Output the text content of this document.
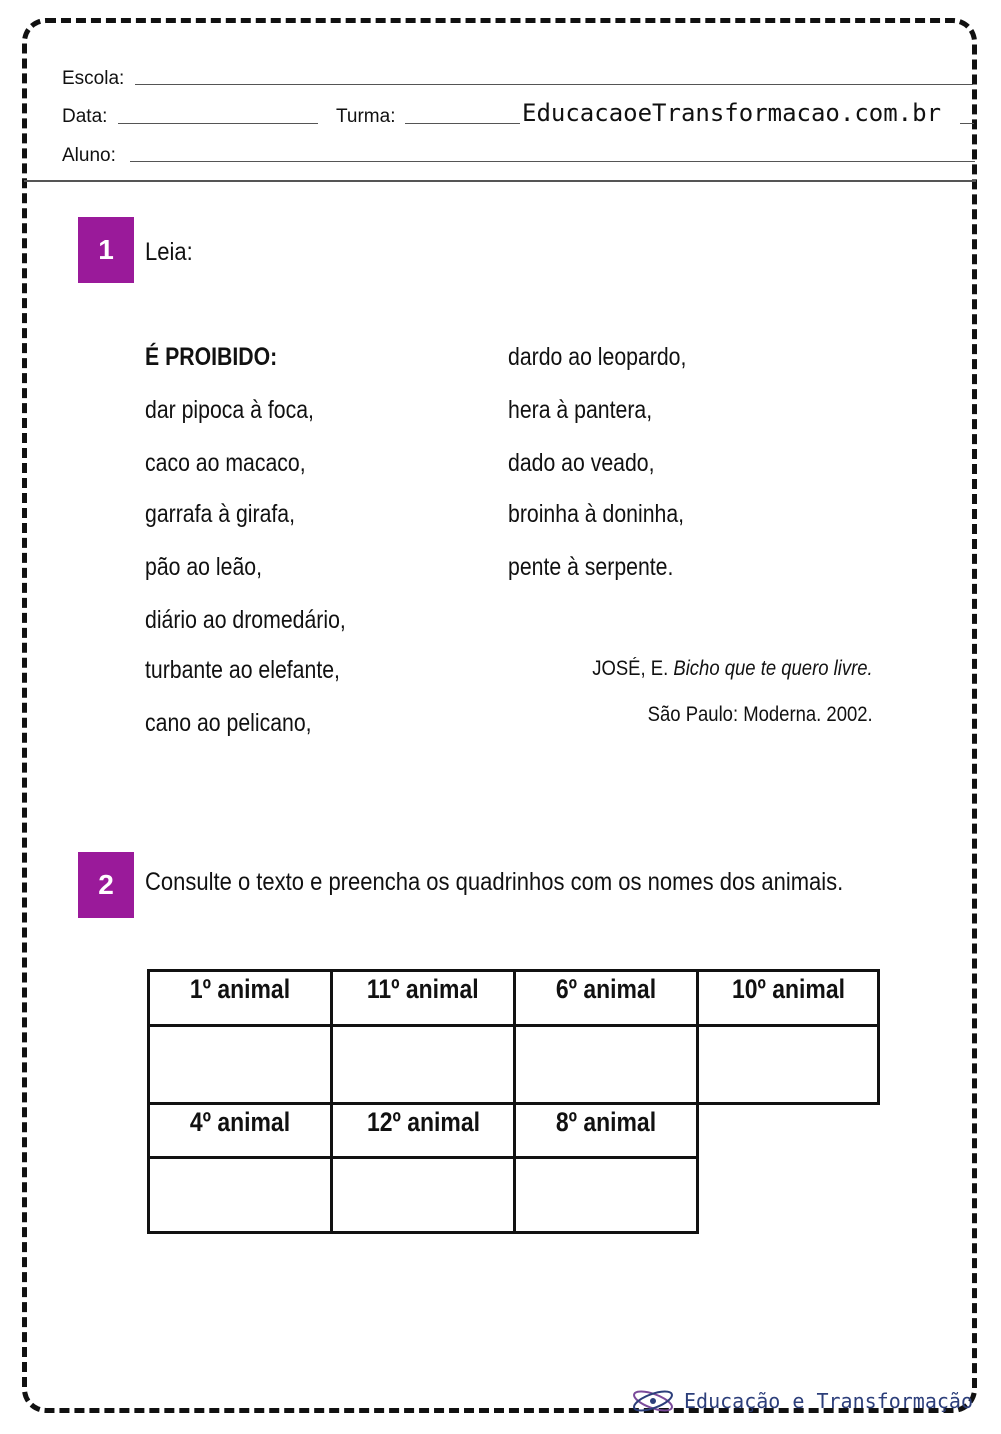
Escola:
Data:	Turma:	EducacaoeTransformacao.com.br
Aluno:
1	Leia:
É PROIBIDO:
dar pipoca à foca,
caco ao macaco,
garrafa à girafa,
pão ao leão,
diário ao dromedário,
turbante ao elefante,
cano ao pelicano,
dardo ao leopardo,
hera à pantera,
dado ao veado,
broinha à doninha,
pente à serpente.
JOSÉ, E. Bicho que te quero livre.
São Paulo: Moderna. 2002.
2	Consulte o texto e preencha os quadrinhos com os nomes dos animais.
1º animal	11º animal	6º animal	10º animal
4º animal	12º animal	8º animal
Educação e Transformação
